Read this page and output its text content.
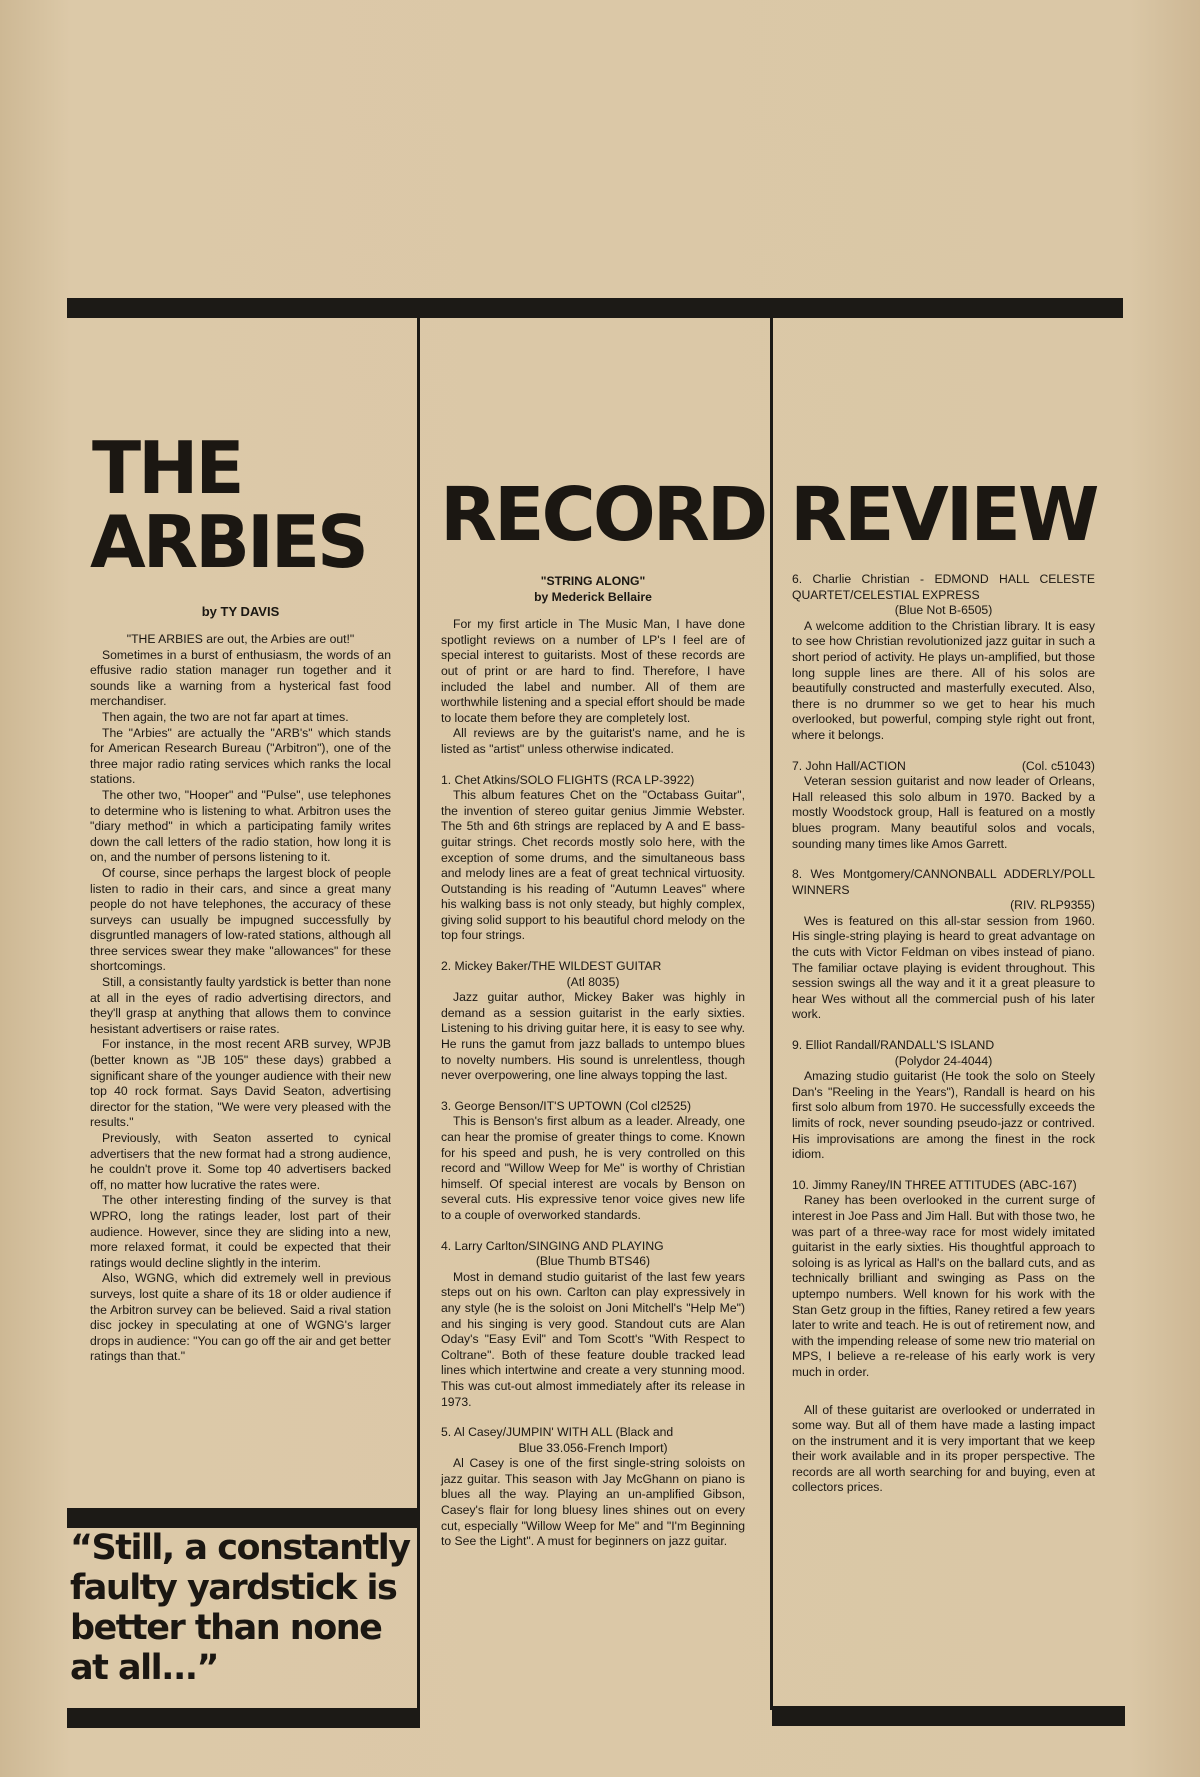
THE
ARBIES RECORD REVIEW
by TY DAVIS

"THE ARBIES are out, the Arbies are out!"

Sometimes in a burst of enthusiasm, the words of an effusive radio station manager run together and it sounds like a warning from a hysterical fast food merchandiser.

Then again, the two are not far apart at times.

The "Arbies" are actually the "ARB's" which stands for American Research Bureau ("Arbitron"), one of the three major radio rating services which ranks the local stations.

The other two, "Hooper" and "Pulse", use telephones to determine who is listening to what. Arbitron uses the "diary method" in which a participating family writes down the call letters of the radio station, how long it is on, and the number of persons listening to it.

Of course, since perhaps the largest block of people listen to radio in their cars, and since a great many people do not have telephones, the accuracy of these surveys can usually be impugned successfully by disgruntled managers of low-rated stations, although all three services swear they make "allowances" for these shortcomings.

Still, a consistantly faulty yardstick is better than none at all in the eyes of radio advertising directors, and they'll grasp at anything that allows them to convince hesistant advertisers or raise rates.

For instance, in the most recent ARB survey, WPJB (better known as "JB 105" these days) grabbed a significant share of the younger audience with their new top 40 rock format. Says David Seaton, advertising director for the station, "We were very pleased with the results."

Previously, with Seaton asserted to cynical advertisers that the new format had a strong audience, he couldn't prove it. Some top 40 advertisers backed off, no matter how lucrative the rates were.

The other interesting finding of the survey is that WPRO, long the ratings leader, lost part of their audience. However, since they are sliding into a new, more relaxed format, it could be expected that their ratings would decline slightly in the interim.

Also, WGNG, which did extremely well in previous surveys, lost quite a share of its 18 or older audience if the Arbitron survey can be believed. Said a rival station disc jockey in speculating at one of WGNG's larger drops in audience: "You can go off the air and get better ratings than that."

“Still, a constantly faulty yardstick is better than none at all...”

"STRING ALONG"

by Mederick Bellaire

For my first article in The Music Man, I have done spotlight reviews on a number of LP's I feel are of special interest to guitarists. Most of these records are out of print or are hard to find. Therefore, I have included the label and number. All of them are worthwhile listening and a special effort should be made to locate them before they are completely lost.

All reviews are by the guitarist's name, and he is listed as "artist" unless otherwise indicated.

1. Chet Atkins/SOLO FLIGHTS (RCA LP-3922)

This album features Chet on the "Octabass Guitar", the invention of stereo guitar genius Jimmie Webster. The 5th and 6th strings are replaced by A and E bass-guitar strings. Chet records mostly solo here, with the exception of some drums, and the simultaneous bass and melody lines are a feat of great technical virtuosity. Outstanding is his reading of "Autumn Leaves" where his walking bass is not only steady, but highly complex, giving solid support to his beautiful chord melody on the top four strings.

2. Mickey Baker/THE WILDEST GUITAR

(Atl 8035)

Jazz guitar author, Mickey Baker was highly in demand as a session guitarist in the early sixties. Listening to his driving guitar here, it is easy to see why. He runs the gamut from jazz ballads to untempo blues to novelty numbers. His sound is unrelentless, though never overpowering, one line always topping the last.

3. George Benson/IT'S UPTOWN (Col cl2525)

This is Benson's first album as a leader. Already, one can hear the promise of greater things to come. Known for his speed and push, he is very controlled on this record and "Willow Weep for Me" is worthy of Christian himself. Of special interest are vocals by Benson on several cuts. His expressive tenor voice gives new life to a couple of overworked standards.

4. Larry Carlton/SINGING AND PLAYING

(Blue Thumb BTS46)

Most in demand studio guitarist of the last few years steps out on his own. Carlton can play expressively in any style (he is the soloist on Joni Mitchell's "Help Me") and his singing is very good. Standout cuts are Alan Oday's "Easy Evil" and Tom Scott's "With Respect to Coltrane". Both of these feature double tracked lead lines which intertwine and create a very stunning mood. This was cut-out almost immediately after its release in 1973.

5. Al Casey/JUMPIN' WITH ALL (Black and

Blue 33.056-French Import)

Al Casey is one of the first single-string soloists on jazz guitar. This season with Jay McGhann on piano is blues all the way. Playing an un-amplified Gibson, Casey's flair for long bluesy lines shines out on every cut, especially "Willow Weep for Me" and "I'm Beginning to See the Light". A must for beginners on jazz guitar.

6. Charlie Christian - EDMOND HALL CELESTE QUARTET/CELESTIAL EXPRESS

(Blue Not B-6505)

A welcome addition to the Christian library. It is easy to see how Christian revolutionized jazz guitar in such a short period of activity. He plays un-amplified, but those long supple lines are there. All of his solos are beautifully constructed and masterfully executed. Also, there is no drummer so we get to hear his much overlooked, but powerful, comping style right out front, where it belongs.

7. John Hall/ACTION	(Col. c51043)

Veteran session guitarist and now leader of Orleans, Hall released this solo album in 1970. Backed by a mostly Woodstock group, Hall is featured on a mostly blues program. Many beautiful solos and vocals, sounding many times like Amos Garrett.

8. Wes Montgomery/CANNONBALL ADDERLY/POLL WINNERS

(RIV. RLP9355)

Wes is featured on this all-star session from 1960. His single-string playing is heard to great advantage on the cuts with Victor Feldman on vibes instead of piano. The familiar octave playing is evident throughout. This session swings all the way and it it a great pleasure to hear Wes without all the commercial push of his later work.

9. Elliot Randall/RANDALL'S ISLAND

(Polydor 24-4044)

Amazing studio guitarist (He took the solo on Steely Dan's "Reeling in the Years"), Randall is heard on his first solo album from 1970. He successfully exceeds the limits of rock, never sounding pseudo-jazz or contrived. His improvisations are among the finest in the rock idiom.

10. Jimmy Raney/IN THREE ATTITUDES (ABC-167)

Raney has been overlooked in the current surge of interest in Joe Pass and Jim Hall. But with those two, he was part of a three-way race for most widely imitated guitarist in the early sixties. His thoughtful approach to soloing is as lyrical as Hall's on the ballard cuts, and as technically brilliant and swinging as Pass on the uptempo numbers. Well known for his work with the Stan Getz group in the fifties, Raney retired a few years later to write and teach. He is out of retirement now, and with the impending release of some new trio material on MPS, I believe a re-release of his early work is very much in order.

All of these guitarist are overlooked or underrated in some way. But all of them have made a lasting impact on the instrument and it is very important that we keep their work available and in its proper perspective. The records are all worth searching for and buying, even at collectors prices.
